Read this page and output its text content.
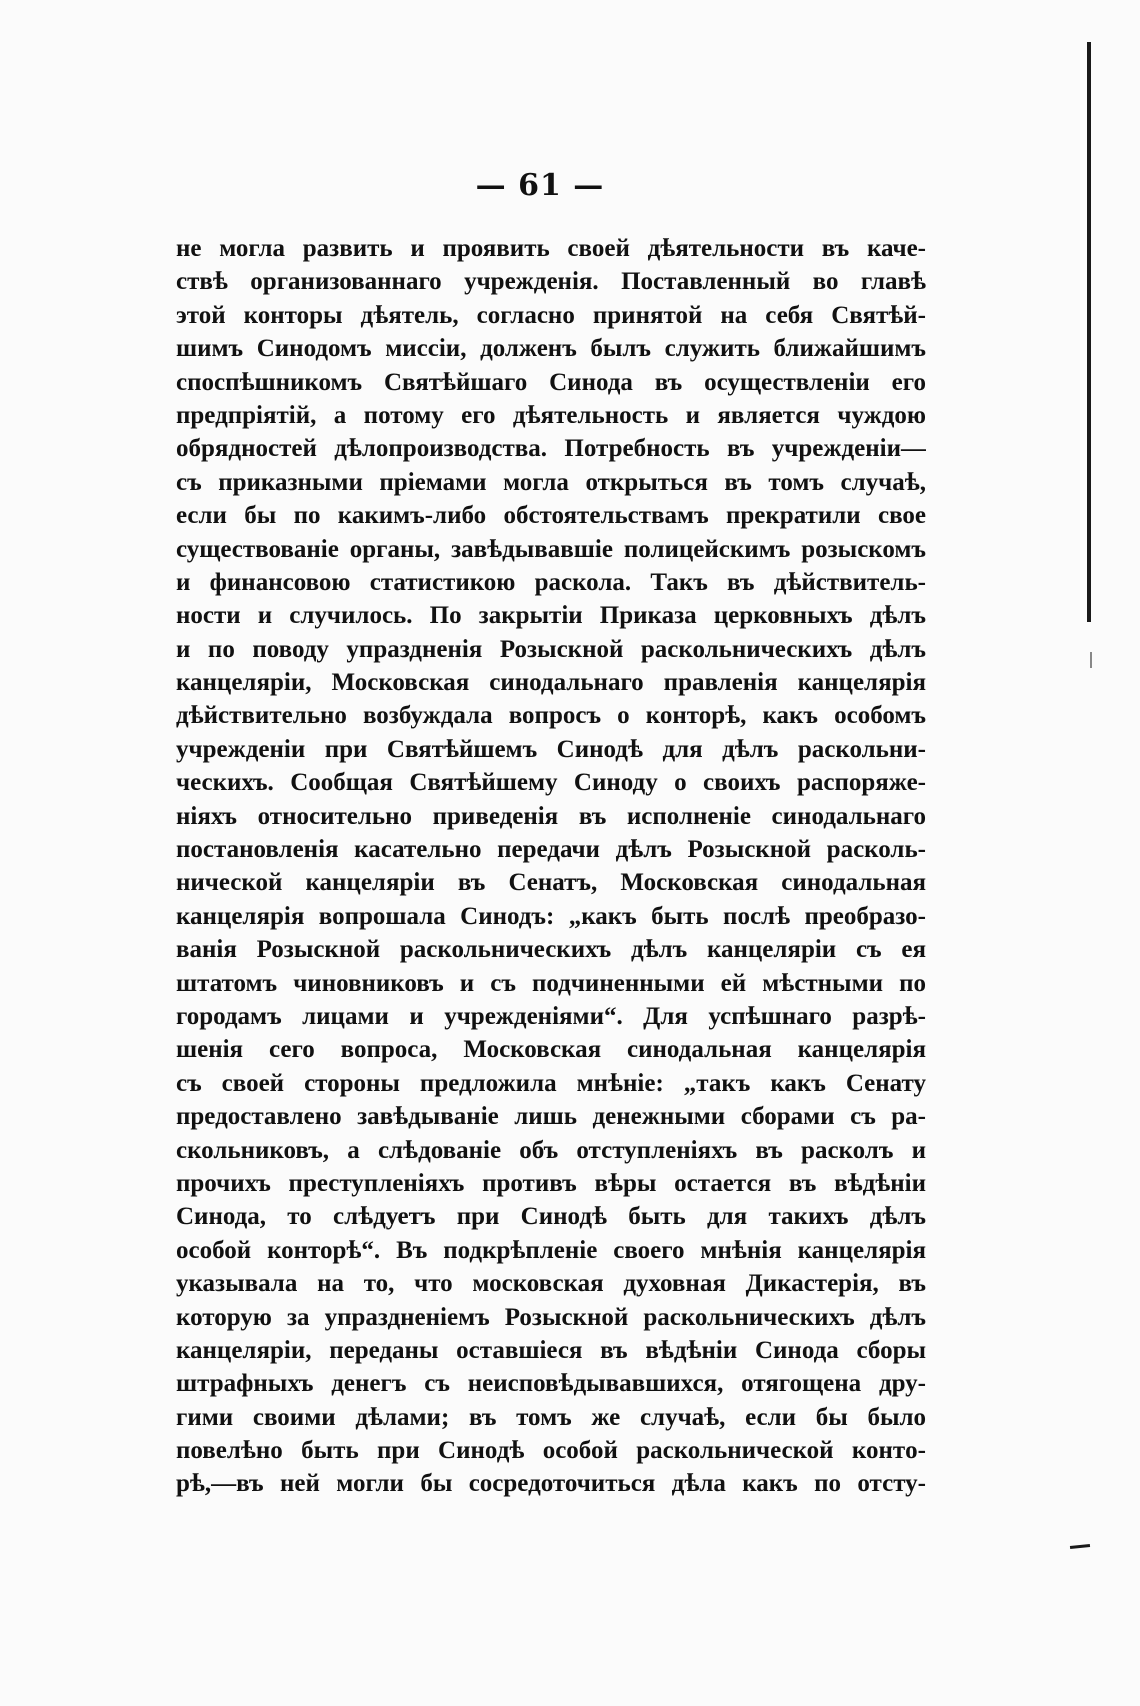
— 61 —
не могла развить и проявить своей дѣятельности въ каче-
ствѣ организованнаго учрежденія. Поставленный во главѣ
этой конторы дѣятель, согласно принятой на себя Святѣй-
шимъ Синодомъ миссіи, долженъ былъ служить ближайшимъ
споспѣшникомъ Святѣйшаго Синода въ осуществленіи его
предпріятій, а потому его дѣятельность и является чуждою
обрядностей дѣлопроизводства. Потребность въ учрежденіи—
съ приказными пріемами могла открыться въ томъ случаѣ,
если бы по какимъ-либо обстоятельствамъ прекратили свое
существованіе органы, завѣдывавшіе полицейскимъ розыскомъ
и финансовою статистикою раскола. Такъ въ дѣйствитель-
ности и случилось. По закрытіи Приказа церковныхъ дѣлъ
и по поводу упраздненія Розыскной раскольническихъ дѣлъ
канцеляріи, Московская синодальнаго правленія канцелярія
дѣйствительно возбуждала вопросъ о конторѣ, какъ особомъ
учрежденіи при Святѣйшемъ Синодѣ для дѣлъ раскольни-
ческихъ. Сообщая Святѣйшему Синоду о своихъ распоряже-
ніяхъ относительно приведенія въ исполненіе синодальнаго
постановленія касательно передачи дѣлъ Розыскной расколь-
нической канцеляріи въ Сенатъ, Московская синодальная
канцелярія вопрошала Синодъ: „какъ быть послѣ преобразо-
ванія Розыскной раскольническихъ дѣлъ канцеляріи съ ея
штатомъ чиновниковъ и съ подчиненными ей мѣстными по
городамъ лицами и учрежденіями“. Для успѣшнаго разрѣ-
шенія сего вопроса, Московская синодальная канцелярія
съ своей стороны предложила мнѣніе: „такъ какъ Сенату
предоставлено завѣдываніе лишь денежными сборами съ ра-
скольниковъ, а слѣдованіе объ отступленіяхъ въ расколъ и
прочихъ преступленіяхъ противъ вѣры остается въ вѣдѣніи
Синода, то слѣдуетъ при Синодѣ быть для такихъ дѣлъ
особой конторѣ“. Въ подкрѣпленіе своего мнѣнія канцелярія
указывала на то, что московская духовная Дикастерія, въ
которую за упраздненіемъ Розыскной раскольническихъ дѣлъ
канцеляріи, переданы оставшіеся въ вѣдѣніи Синода сборы
штрафныхъ денегъ съ неисповѣдывавшихся, отягощена дру-
гими своими дѣлами; въ томъ же случаѣ, если бы было
повелѣно быть при Синодѣ особой раскольнической контo-
рѣ,—въ ней могли бы сосредоточиться дѣла какъ по отсту-
